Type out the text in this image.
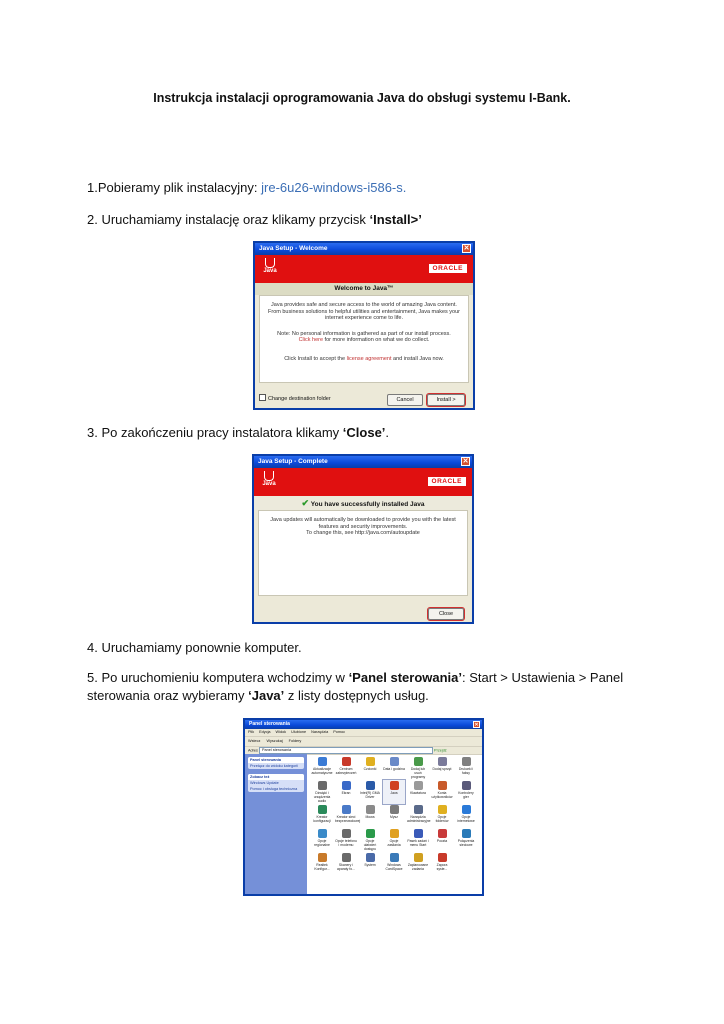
Instrukcja instalacji oprogramowania Java do obsługi systemu I-Bank.
1.Pobieramy plik instalacyjny: jre-6u26-windows-i586-s.
2. Uruchamiamy instalację oraz klikamy przycisk ‘Install>’
Java Setup - Welcome	✕
Java	ORACLE
Welcome to Java™
Java provides safe and secure access to the world of amazing Java content. From business solutions to helpful utilities and entertainment, Java makes your internet experience come to life.
Note: No personal information is gathered as part of our install process.
Click here for more information on what we do collect.
Click Install to accept the license agreement and install Java now.
Change destination folder	Cancel	Install >
3. Po zakończeniu pracy instalatora klikamy ‘Close’.
Java Setup - Complete	✕
Java	ORACLE
✔ You have successfully installed Java
Java updates will automatically be downloaded to provide you with the latest features and security improvements.
To change this, see http://java.com/autoupdate
Close
4. Uruchamiamy ponownie komputer.
5. Po uruchomieniu komputera wchodzimy w ‘Panel sterowania’: Start > Ustawienia > Panel
sterowania oraz wybieramy ‘Java’ z listy dostępnych usług.
Panel sterowania	✕
Plik Edycja Widok Ulubione Narzędzia Pomoc
Wstecz Wyszukaj Foldery
Adres Panel sterowania	Przejdź
Panel sterowania
Przełącz do widoku kategorii
Zobacz też
Windows Update
Pomoc i obsługa techniczna
Aktualizacje automatyczne
Centrum zabezpieczeń
Czcionki	Data i godzina	Dodaj lub usuń programy
Dodaj sprzęt	Drukarki i faksy
Dźwięki i urządzenia audio
Ekran	Intel(R) GMA Driver
Java	Klawiatura	Konta użytkowników
Kontrolery gier
Kreator konfiguracji
Kreator sieci bezprzewodowej
Mowa	Mysz	Narzędzia administracyjne
Opcje folderów
Opcje internetowe
Opcje regionalne
Opcje telefonu i modemu
Opcje ułatwień dostępu
Opcje zasilania
Pasek zadań i menu Start
Poczta	Połączenia sieciowe
Realtek Konfigur...
Skanery i aparaty fo...
System	Windows CardSpace
Zaplanowane zadania
Zapora syste...
